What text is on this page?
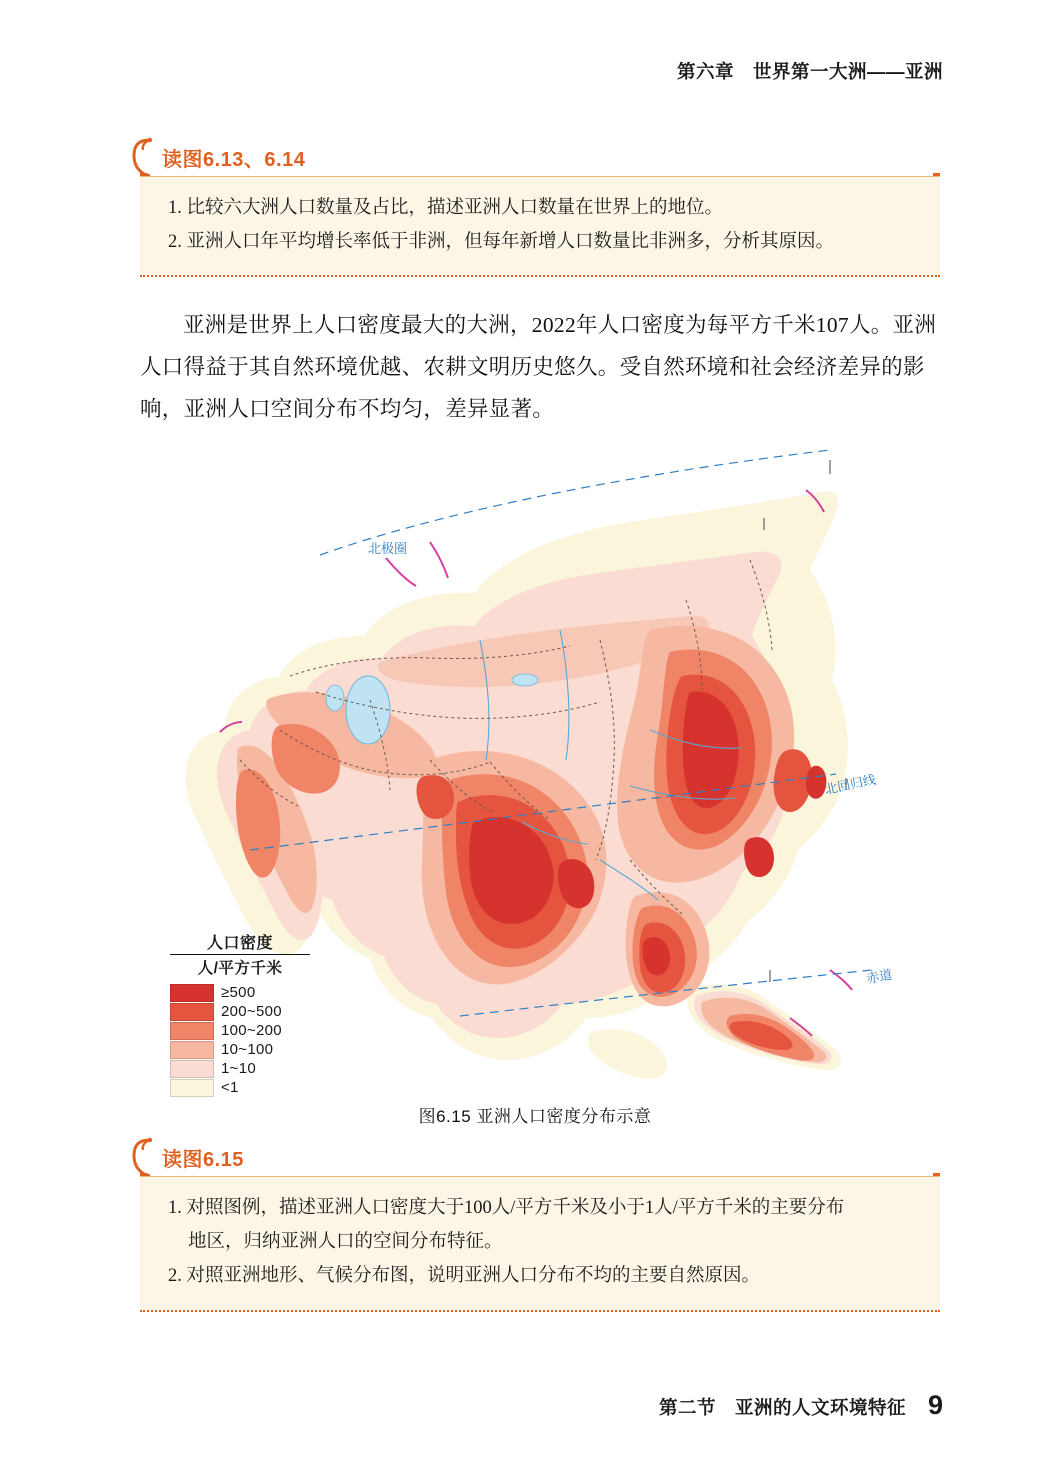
第六章　世界第一大洲——亚洲
读图6.13、6.14
1. 比较六大洲人口数量及占比，描述亚洲人口数量在世界上的地位。
2. 亚洲人口年平均增长率低于非洲，但每年新增人口数量比非洲多，分析其原因。
亚洲是世界上人口密度最大的大洲，2022年人口密度为每平方千米107人。亚洲人口得益于其自然环境优越、农耕文明历史悠久。受自然环境和社会经济差异的影响，亚洲人口空间分布不均匀，差异显著。
北极圈
北回归线
赤道
人口密度
人/平方千米
≥500
200~500
100~200
10~100
1~10
<1
图6.15 亚洲人口密度分布示意
读图6.15
1. 对照图例，描述亚洲人口密度大于100人/平方千米及小于1人/平方千米的主要分布
地区，归纳亚洲人口的空间分布特征。
2. 对照亚洲地形、气候分布图，说明亚洲人口分布不均的主要自然原因。
第二节　亚洲的人文环境特征 9
